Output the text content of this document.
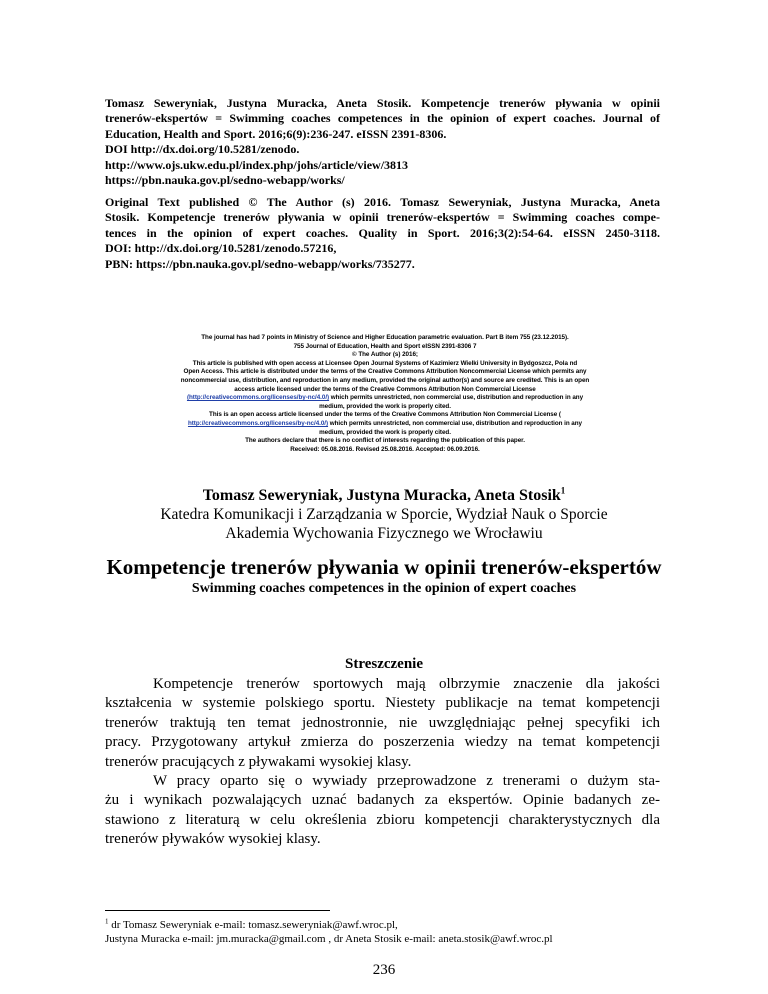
Tomasz Seweryniak, Justyna Muracka, Aneta Stosik. Kompetencje trenerów pływania w opinii
trenerów-ekspertów = Swimming coaches competences in the opinion of expert coaches. Journal of
Education, Health and Sport. 2016;6(9):236-247. eISSN 2391-8306.
DOI http://dx.doi.org/10.5281/zenodo.
http://www.ojs.ukw.edu.pl/index.php/johs/article/view/3813
https://pbn.nauka.gov.pl/sedno-webapp/works/
Original Text published © The Author (s) 2016. Tomasz Seweryniak, Justyna Muracka, Aneta
Stosik. Kompetencje trenerów pływania w opinii trenerów-ekspertów = Swimming coaches compe-
tences in the opinion of expert coaches. Quality in Sport. 2016;3(2):54-64. eISSN 2450-3118.
DOI: http://dx.doi.org/10.5281/zenodo.57216,
PBN: https://pbn.nauka.gov.pl/sedno-webapp/works/735277.
The journal has had 7 points in Ministry of Science and Higher Education parametric evaluation. Part B item 755 (23.12.2015).
755 Journal of Education, Health and Sport eISSN 2391-8306 7
© The Author (s) 2016;
This article is published with open access at Licensee Open Journal Systems of Kazimierz Wielki University in Bydgoszcz, Pola nd
Open Access. This article is distributed under the terms of the Creative Commons Attribution Noncommercial License which permits any
noncommercial use, distribution, and reproduction in any medium, provided the original author(s) and source are credited. This is an open
access article licensed under the terms of the Creative Commons Attribution Non Commercial License
(http://creativecommons.org/licenses/by-nc/4.0/) which permits unrestricted, non commercial use, distribution and reproduction in any
medium, provided the work is properly cited.
This is an open access article licensed under the terms of the Creative Commons Attribution Non Commercial License (
http://creativecommons.org/licenses/by-nc/4.0/) which permits unrestricted, non commercial use, distribution and reproduction in any
medium, provided the work is properly cited.
The authors declare that there is no conflict of interests regarding the publication of this paper.
Received: 05.08.2016. Revised 25.08.2016. Accepted: 06.09.2016.
Tomasz Seweryniak, Justyna Muracka, Aneta Stosik$^1$
Katedra Komunikacji i Zarządzania w Sporcie, Wydział Nauk o Sporcie
Akademia Wychowania Fizycznego we Wrocławiu
Kompetencje trenerów pływania w opinii trenerów-ekspertów
Swimming coaches competences in the opinion of expert coaches
Streszczenie
Kompetencje trenerów sportowych mają olbrzymie znaczenie dla jakości
kształcenia w systemie polskiego sportu. Niestety publikacje na temat kompetencji
trenerów traktują ten temat jednostronnie, nie uwzględniając pełnej specyfiki ich
pracy. Przygotowany artykuł zmierza do poszerzenia wiedzy na temat kompetencji
trenerów pracujących z pływakami wysokiej klasy.
W pracy oparto się o wywiady przeprowadzone z trenerami o dużym sta-
żu i wynikach pozwalających uznać badanych za ekspertów. Opinie badanych ze-
stawiono z literaturą w celu określenia zbioru kompetencji charakterystycznych dla
trenerów pływaków wysokiej klasy.
$^1$ dr Tomasz Seweryniak e-mail: tomasz.seweryniak@awf.wroc.pl,
Justyna Muracka e-mail: jm.muracka@gmail.com , dr Aneta Stosik e-mail: aneta.stosik@awf.wroc.pl
236
